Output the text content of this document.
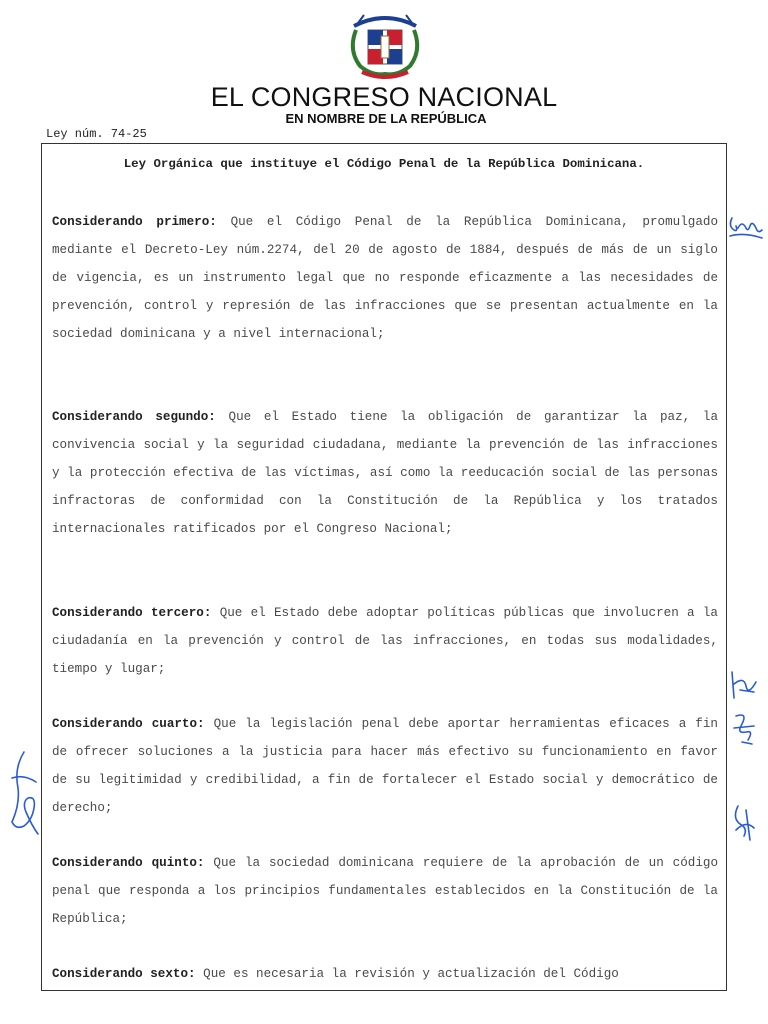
EL CONGRESO NACIONAL
EN NOMBRE DE LA REPÚBLICA
Ley núm. 74-25
Ley Orgánica que instituye el Código Penal de la República Dominicana.
Considerando primero: Que el Código Penal de la República Dominicana, promulgado mediante el Decreto-Ley núm.2274, del 20 de agosto de 1884, después de más de un siglo de vigencia, es un instrumento legal que no responde eficazmente a las necesidades de prevención, control y represión de las infracciones que se presentan actualmente en la sociedad dominicana y a nivel internacional;
Considerando segundo: Que el Estado tiene la obligación de garantizar la paz, la convivencia social y la seguridad ciudadana, mediante la prevención de las infracciones y la protección efectiva de las víctimas, así como la reeducación social de las personas infractoras de conformidad con la Constitución de la República y los tratados internacionales ratificados por el Congreso Nacional;
Considerando tercero: Que el Estado debe adoptar políticas públicas que involucren a la ciudadanía en la prevención y control de las infracciones, en todas sus modalidades, tiempo y lugar;
Considerando cuarto: Que la legislación penal debe aportar herramientas eficaces a fin de ofrecer soluciones a la justicia para hacer más efectivo su funcionamiento en favor de su legitimidad y credibilidad, a fin de fortalecer el Estado social y democrático de derecho;
Considerando quinto: Que la sociedad dominicana requiere de la aprobación de un código penal que responda a los principios fundamentales establecidos en la Constitución de la República;
Considerando sexto: Que es necesaria la revisión y actualización del Código
